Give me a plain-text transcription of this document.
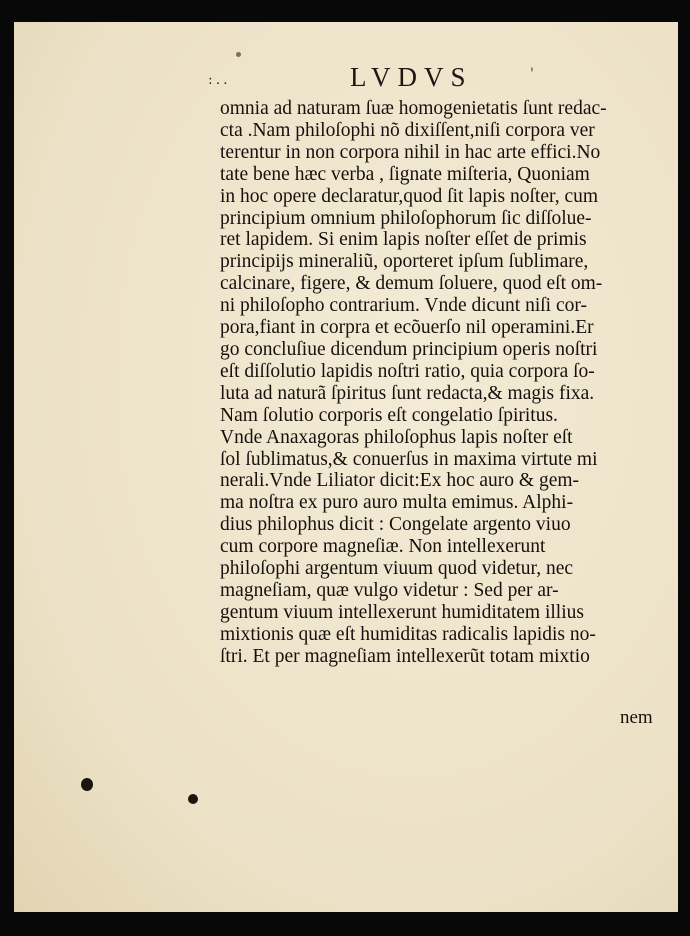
:..	LVDVS	'
omnia ad naturam ſuæ homogenietatis ſunt redac-
cta .Nam philoſophi nõ dixiſſent,niſi corpora ver
terentur in non corpora nihil in hac arte effici.No
tate bene hæc verba , ſignate miſteria, Quoniam
in hoc opere declaratur,quod ſit lapis noſter, cum
principium omnium philoſophorum ſic diſſolue-
ret lapidem. Si enim lapis noſter eſſet de primis
principijs mineraliũ, oporteret ipſum ſublimare,
calcinare, figere, & demum ſoluere, quod eſt om-
ni philoſopho contrarium. Vnde dicunt niſi cor-
pora,fiant in corpra et ecõuerſo nil operamini.Er
go concluſiue dicendum principium operis noſtri
eſt diſſolutio lapidis noſtri ratio, quia corpora ſo-
luta ad naturã ſpiritus ſunt redacta,& magis fixa.
Nam ſolutio corporis eſt congelatio ſpiritus.
Vnde Anaxagoras philoſophus lapis noſter eſt
ſol ſublimatus,& conuerſus in maxima virtute mi
nerali.Vnde Liliator dicit:Ex hoc auro & gem-
ma noſtra ex puro auro multa emimus. Alphi-
dius philophus dicit : Congelate argento viuo
cum corpore magneſiæ. Non intellexerunt
philoſophi argentum viuum quod videtur, nec
magneſiam, quæ vulgo videtur : Sed per ar-
gentum viuum intellexerunt humiditatem illius
mixtionis quæ eſt humiditas radicalis lapidis no-
ſtri. Et per magneſiam intellexerũt totam mixtio
nem
